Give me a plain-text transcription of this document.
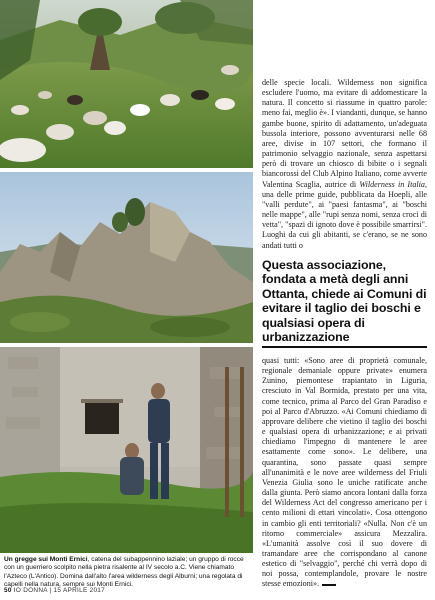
Un gregge sui Monti Ernici, catena del subappennino laziale; un gruppo di rocce con un guerriero scolpito nella pietra risalente al IV secolo a.C. Viene chiamato l'Azteco (L'Antico). Domina dall'alto l'area wilderness degli Alburni; una regolata di capelli nella natura, sempre sui Monti Ernici.
delle specie locali. Wilderness non significa escludere l'uomo, ma evitare di addomesticare la natura. Il concetto si riassume in quattro parole: meno fai, meglio è». I viandanti, dunque, se hanno gambe buone, spirito di adattamento, un'adeguata bussola interiore, possono avventurarsi nelle 68 aree, divise in 107 settori, che formano il patrimonio selvaggio nazionale, senza aspettarsi però di trovare un chiosco di bibite o i segnali biancorossi del Club Alpino Italiano, come avverte Valentina Scaglia, autrice di Wilderness in Italia, una delle prime guide, pubblicata da Hoepli, alle "valli perdute", ai "paesi fantasma", ai "boschi nelle mappe", alle "rupi senza nomi, senza croci di vetta", "spazi di ignoto dove è possibile smarrirsi". Luoghi da cui gli abitanti, se c'erano, se ne sono andati tutti o
Questa associazione, fondata a metà degli anni Ottanta, chiede ai Comuni di evitare il taglio dei boschi e qualsiasi opera di urbanizzazione
quasi tutti: «Sono aree di proprietà comunale, regionale demaniale oppure private» enumera Zunino, piemontese trapiantato in Liguria, cresciuto in Val Bormida, prestato per una vita, come tecnico, prima al Parco del Gran Paradiso e poi al Parco d'Abruzzo. «Ai Comuni chiediamo di approvare delibere che vietino il taglio dei boschi e qualsiasi opera di urbanizzazione; e ai privati chiediamo l'impegno di mantenere le aree esattamente come sono». Le delibere, una quarantina, sono passate quasi sempre all'unanimità e le nove aree wilderness del Friuli Venezia Giulia sono le uniche ratificate anche dalla giunta. Però siamo ancora lontani dalla forza del Wilderness Act del congresso americano per i cento milioni di ettari vincolati». Cosa ottengono in cambio gli enti territoriali? «Nulla. Non c'è un ritorno commerciale» assicura Mezzalira. «L'umanità assolve così il suo dovere di tramandare aree che corrispondano al canone estetico di "selvaggio", perché chi verrà dopo di noi possa, contemplandole, provare le nostre stesse emozioni».
50 IO DONNA | 15 APRILE 2017
